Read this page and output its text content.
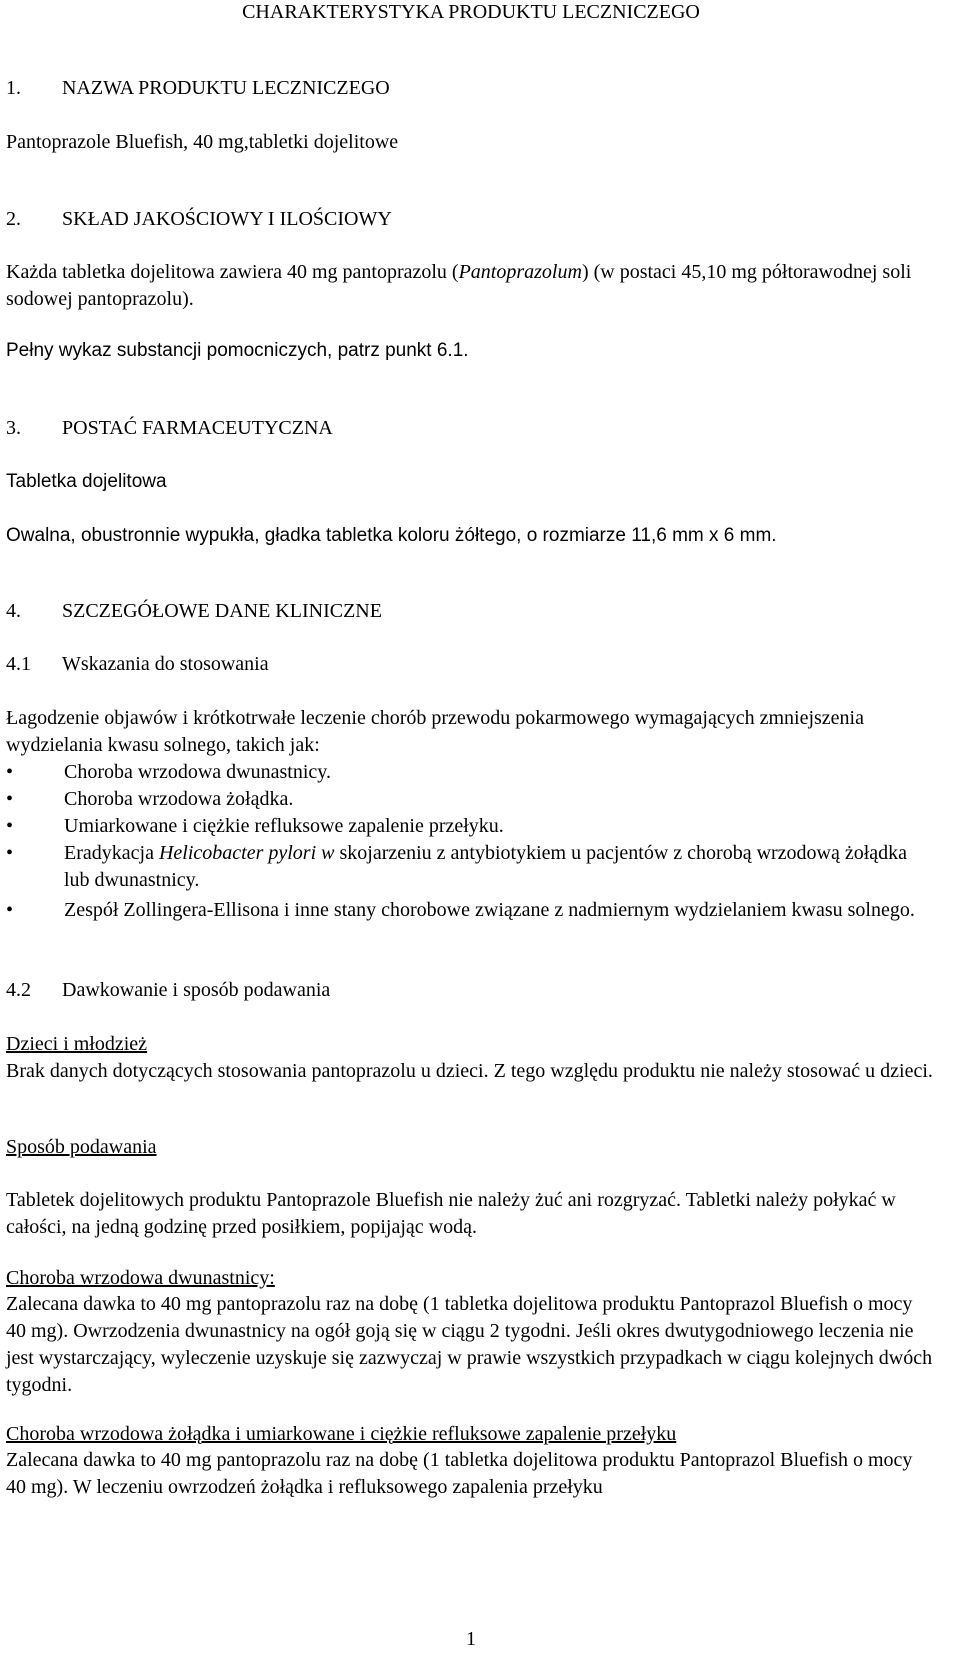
CHARAKTERYSTYKA PRODUKTU LECZNICZEGO

1. NAZWA PRODUKTU LECZNICZEGO

Pantoprazole Bluefish, 40 mg,tabletki dojelitowe

2. SKŁAD JAKOŚCIOWY I ILOŚCIOWY

Każda tabletka dojelitowa zawiera 40 mg pantoprazolu (Pantoprazolum) (w postaci 45,10 mg półtorawodnej soli sodowej pantoprazolu).

Pełny wykaz substancji pomocniczych, patrz punkt 6.1.

3. POSTAĆ FARMACEUTYCZNA

Tabletka dojelitowa

Owalna, obustronnie wypukła, gładka tabletka koloru żółtego, o rozmiarze 11,6 mm x 6 mm.

4. SZCZEGÓŁOWE DANE KLINICZNE

4.1 Wskazania do stosowania

Łagodzenie objawów i krótkotrwałe leczenie chorób przewodu pokarmowego wymagających zmniejszenia wydzielania kwasu solnego, takich jak:

•	Choroba wrzodowa dwunastnicy.
•	Choroba wrzodowa żołądka.
•	Umiarkowane i ciężkie refluksowe zapalenie przełyku.
•	Eradykacja Helicobacter pylori w skojarzeniu z antybiotykiem u pacjentów z chorobą wrzodową żołądka lub dwunastnicy.
•	Zespół Zollingera-Ellisona i inne stany chorobowe związane z nadmiernym wydzielaniem kwasu solnego.

4.2 Dawkowanie i sposób podawania

Dzieci i młodzież

Brak danych dotyczących stosowania pantoprazolu u dzieci. Z tego względu produktu nie należy stosować u dzieci.

Sposób podawania

Tabletek dojelitowych produktu Pantoprazole Bluefish nie należy żuć ani rozgryzać. Tabletki należy połykać w całości, na jedną godzinę przed posiłkiem, popijając wodą.

Choroba wrzodowa dwunastnicy:

Zalecana dawka to 40 mg pantoprazolu raz na dobę (1 tabletka dojelitowa produktu Pantoprazol Bluefish o mocy 40 mg). Owrzodzenia dwunastnicy na ogół goją się w ciągu 2 tygodni. Jeśli okres dwutygodniowego leczenia nie jest wystarczający, wyleczenie uzyskuje się zazwyczaj w prawie wszystkich przypadkach w ciągu kolejnych dwóch tygodni.

Choroba wrzodowa żołądka i umiarkowane i ciężkie refluksowe zapalenie przełyku

Zalecana dawka to 40 mg pantoprazolu raz na dobę (1 tabletka dojelitowa produktu Pantoprazol Bluefish o mocy 40 mg). W leczeniu owrzodzeń żołądka i refluksowego zapalenia przełyku

1
